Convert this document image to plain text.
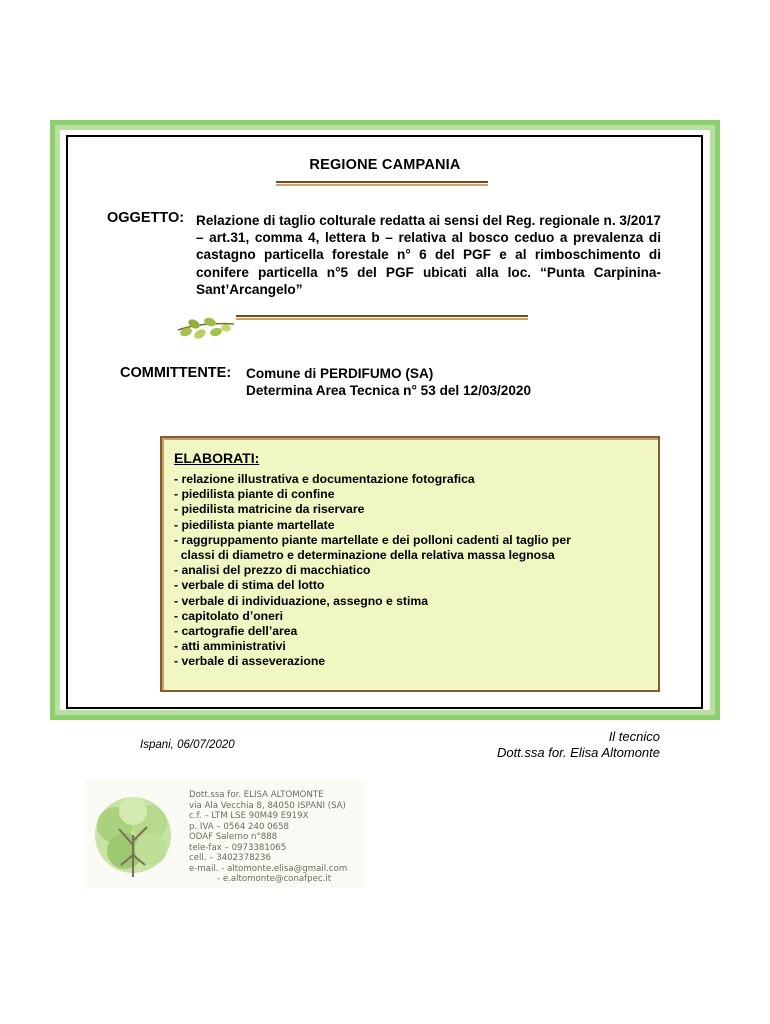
REGIONE CAMPANIA
OGGETTO: Relazione di taglio colturale redatta ai sensi del Reg. regionale n. 3/2017 – art.31, comma 4, lettera b – relativa al bosco ceduo a prevalenza di castagno particella forestale n° 6 del PGF e al rimboschimento di conifere particella n°5 del PGF ubicati alla loc. “Punta Carpinina-Sant’Arcangelo”
COMMITTENTE: Comune di PERDIFUMO (SA)
Determina Area Tecnica n° 53 del 12/03/2020
ELABORATI:
- relazione illustrativa e documentazione fotografica
- piedilista piante di confine
- piedilista matricine da riservare
- piedilista piante martellate
- raggruppamento piante martellate e dei polloni cadenti al taglio per
classi di diametro e determinazione della relativa massa legnosa
- analisi del prezzo di macchiatico
- verbale di stima del lotto
- verbale di individuazione, assegno e stima
- capitolato d’oneri
- cartografie dell’area
- atti amministrativi
- verbale di asseverazione
Ispani, 06/07/2020
Il tecnico
Dott.ssa for. Elisa Altomonte
Dott.ssa for. ELISA ALTOMONTE
via Ala Vecchia 8, 84050 ISPANI (SA)
c.f. – LTM LSE 90M49 E919X
p. IVA – 0564 240 0658
ODAF Salerno n°888
tele-fax – 0973381065
cell. – 3402378236
e-mail. - altomonte.elisa@gmail.com
- e.altomonte@conafpec.it
